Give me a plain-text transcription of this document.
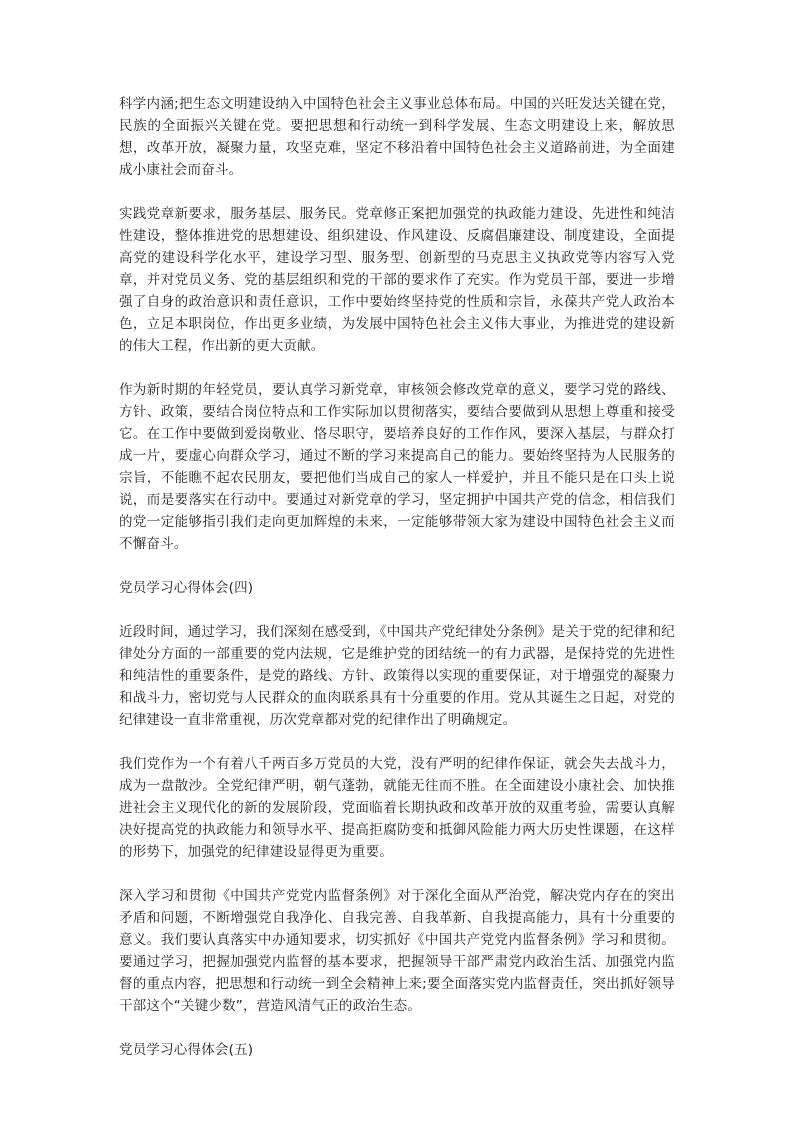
科学内涵;把生态文明建设纳入中国特色社会主义事业总体布局。中国的兴旺发达关键在党，民族的全面振兴关键在党。要把思想和行动统一到科学发展、生态文明建设上来，解放思想，改革开放，凝聚力量，攻坚克难，坚定不移沿着中国特色社会主义道路前进，为全面建成小康社会而奋斗。

实践党章新要求，服务基层、服务民。党章修正案把加强党的执政能力建设、先进性和纯洁性建设，整体推进党的思想建设、组织建设、作风建设、反腐倡廉建设、制度建设，全面提高党的建设科学化水平，建设学习型、服务型、创新型的马克思主义执政党等内容写入党章，并对党员义务、党的基层组织和党的干部的要求作了充实。作为党员干部，要进一步增强了自身的政治意识和责任意识，工作中要始终坚持党的性质和宗旨，永葆共产党人政治本色，立足本职岗位，作出更多业绩，为发展中国特色社会主义伟大事业，为推进党的建设新的伟大工程，作出新的更大贡献。

作为新时期的年轻党员，要认真学习新党章，审核领会修改党章的意义，要学习党的路线、方针、政策，要结合岗位特点和工作实际加以贯彻落实，要结合要做到从思想上尊重和接受它。在工作中要做到爱岗敬业、恪尽职守，要培养良好的工作作风，要深入基层，与群众打成一片，要虚心向群众学习，通过不断的学习来提高自己的能力。要始终坚持为人民服务的宗旨，不能瞧不起农民朋友，要把他们当成自己的家人一样爱护，并且不能只是在口头上说说，而是要落实在行动中。要通过对新党章的学习，坚定拥护中国共产党的信念，相信我们的党一定能够指引我们走向更加辉煌的未来，一定能够带领大家为建设中国特色社会主义而不懈奋斗。

党员学习心得体会(四)

近段时间，通过学习，我们深刻在感受到，《中国共产党纪律处分条例》是关于党的纪律和纪律处分方面的一部重要的党内法规，它是维护党的团结统一的有力武器，是保持党的先进性和纯洁性的重要条件，是党的路线、方针、政策得以实现的重要保证，对于增强党的凝聚力和战斗力，密切党与人民群众的血肉联系具有十分重要的作用。党从其诞生之日起，对党的纪律建设一直非常重视，历次党章都对党的纪律作出了明确规定。

我们党作为一个有着八千两百多万党员的大党，没有严明的纪律作保证，就会失去战斗力，成为一盘散沙。全党纪律严明，朝气蓬勃，就能无往而不胜。在全面建设小康社会、加快推进社会主义现代化的新的发展阶段，党面临着长期执政和改革开放的双重考验，需要认真解决好提高党的执政能力和领导水平、提高拒腐防变和抵御风险能力两大历史性课题，在这样的形势下，加强党的纪律建设显得更为重要。

深入学习和贯彻《中国共产党党内监督条例》对于深化全面从严治党，解决党内存在的突出矛盾和问题，不断增强党自我净化、自我完善、自我革新、自我提高能力，具有十分重要的意义。我们要认真落实中办通知要求，切实抓好《中国共产党党内监督条例》学习和贯彻。要通过学习，把握加强党内监督的基本要求，把握领导干部严肃党内政治生活、加强党内监督的重点内容，把思想和行动统一到全会精神上来;要全面落实党内监督责任，突出抓好领导干部这个“关键少数”，营造风清气正的政治生态。

党员学习心得体会(五)
